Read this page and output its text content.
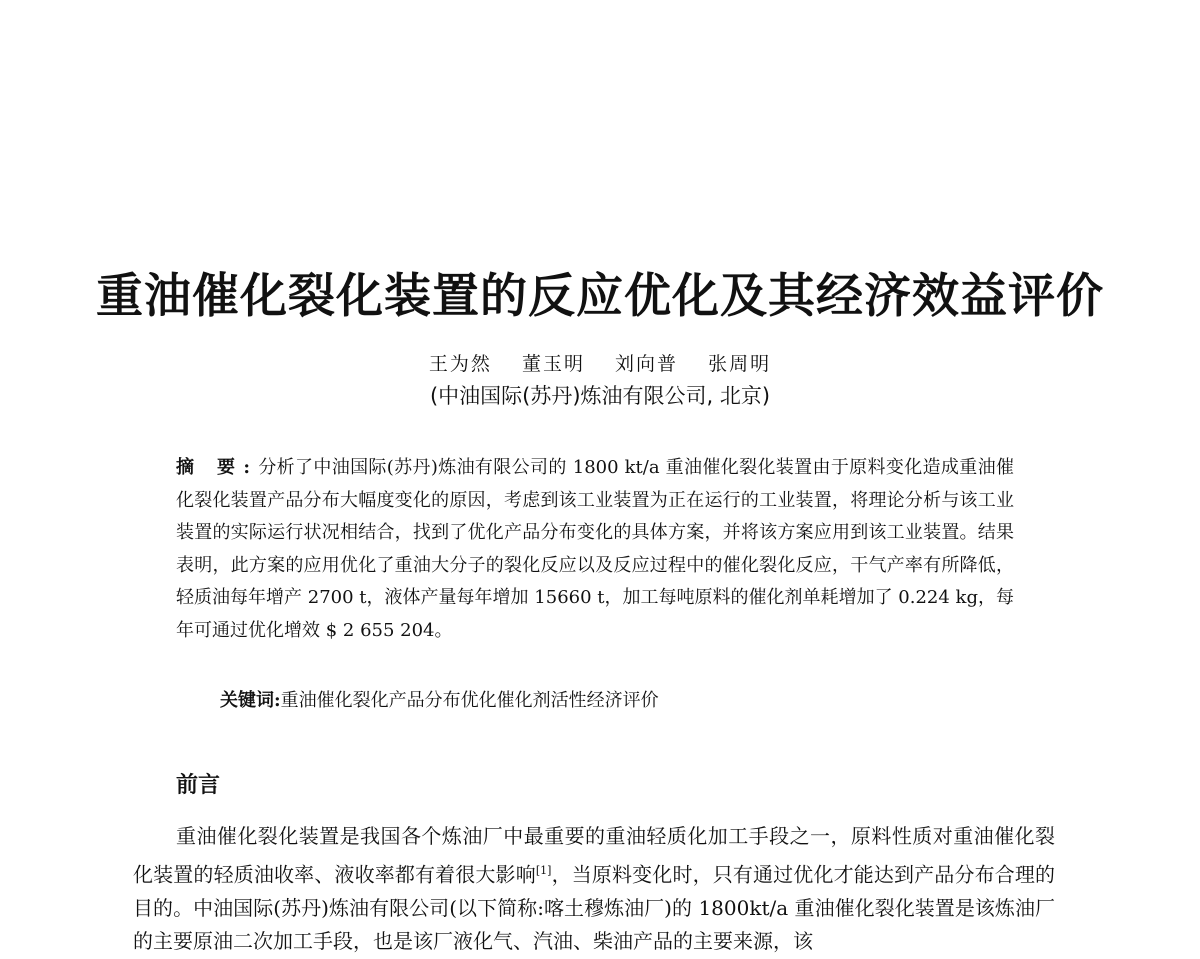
重油催化裂化装置的反应优化及其经济效益评价
王为然 董玉明 刘向普 张周明
(中油国际(苏丹)炼油有限公司, 北京)
摘 要:分析了中油国际(苏丹)炼油有限公司的 1800 kt/a 重油催化裂化装置由于原料变化造成重油催化裂化装置产品分布大幅度变化的原因，考虑到该工业装置为正在运行的工业装置，将理论分析与该工业装置的实际运行状况相结合，找到了优化产品分布变化的具体方案，并将该方案应用到该工业装置。结果表明，此方案的应用优化了重油大分子的裂化反应以及反应过程中的催化裂化反应，干气产率有所降低，轻质油每年增产 2700 t，液体产量每年增加 15660 t，加工每吨原料的催化剂单耗增加了 0.224 kg，每年可通过优化增效 $ 2 655 204。
关键词:重油催化裂化产品分布优化催化剂活性经济评价
前言
重油催化裂化装置是我国各个炼油厂中最重要的重油轻质化加工手段之一，原料性质对重油催化裂化装置的轻质油收率、液收率都有着很大影响[1]，当原料变化时，只有通过优化才能达到产品分布合理的目的。中油国际(苏丹)炼油有限公司(以下简称:喀土穆炼油厂)的 1800kt/a 重油催化裂化装置是该炼油厂的主要原油二次加工手段，也是该厂液化气、汽油、柴油产品的主要来源，该
